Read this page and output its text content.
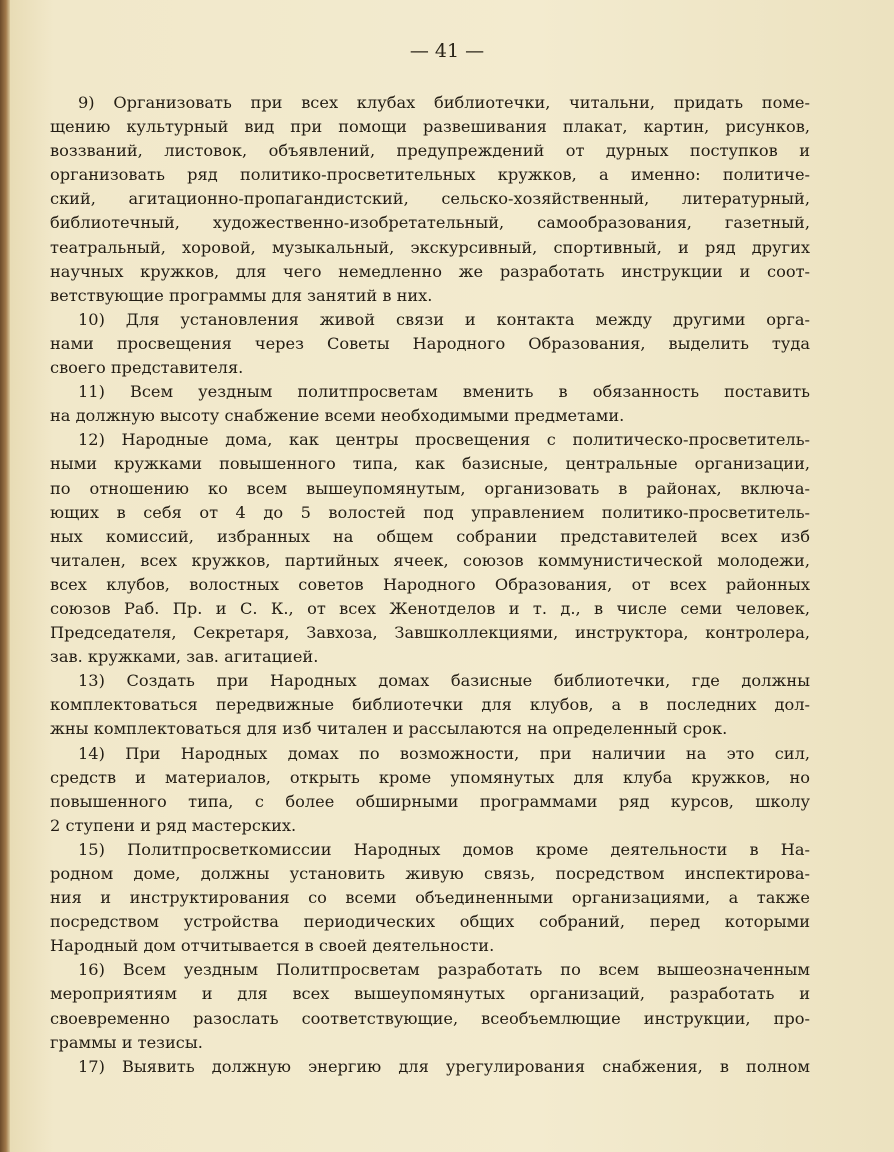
— 41 —
9) Организовать при всех клубах библиотечки, читальни, придать поме-
щению культурный вид при помощи развешивания плакат, картин, рисунков,
воззваний, листовок, объявлений, предупреждений от дурных поступков и
организовать ряд политико-просветительных кружков, а именно: политиче-
ский, агитационно-пропагандистский, сельско-хозяйственный, литературный,
библиотечный, художественно-изобретательный, самообразования, газетный,
театральный, хоровой, музыкальный, экскурсивный, спортивный, и ряд других
научных кружков, для чего немедленно же разработать инструкции и соот-
ветствующие программы для занятий в них.
10) Для установления живой связи и контакта между другими орга-
нами просвещения через Советы Народного Образования, выделить туда
своего представителя.
11) Всем уездным политпросветам вменить в обязанность поставить
на должную высоту снабжение всеми необходимыми предметами.
12) Народные дома, как центры просвещения с политическо-просветитель-
ными кружками повышенного типа, как базисные, центральные организации,
по отношению ко всем вышеупомянутым, организовать в районах, включа-
ющих в себя от 4 до 5 волостей под управлением политико-просветитель-
ных комиссий, избранных на общем собрании представителей всех изб
читален, всех кружков, партийных ячеек, союзов коммунистической молодежи,
всех клубов, волостных советов Народного Образования, от всех районных
союзов Раб. Пр. и С. К., от всех Женотделов и т. д., в числе семи человек,
Председателя, Секретаря, Завхоза, Завшколлекциями, инструктора, контролера,
зав. кружками, зав. агитацией.
13) Создать при Народных домах базисные библиотечки, где должны
комплектоваться передвижные библиотечки для клубов, а в последних дол-
жны комплектоваться для изб читален и рассылаются на определенный срок.
14) При Народных домах по возможности, при наличии на это сил,
средств и материалов, открыть кроме упомянутых для клуба кружков, но
повышенного типа, с более обширными программами ряд курсов, школу
2 ступени и ряд мастерских.
15) Политпросветкомиссии Народных домов кроме деятельности в На-
родном доме, должны установить живую связь, посредством инспектирова-
ния и инструктирования со всеми объединенными организациями, а также
посредством устройства периодических общих собраний, перед которыми
Народный дом отчитывается в своей деятельности.
16) Всем уездным Политпросветам разработать по всем вышеозначенным
мероприятиям и для всех вышеупомянутых организаций, разработать и
своевременно разослать соответствующие, всеобъемлющие инструкции, про-
граммы и тезисы.
17) Выявить должную энергию для урегулирования снабжения, в полном
